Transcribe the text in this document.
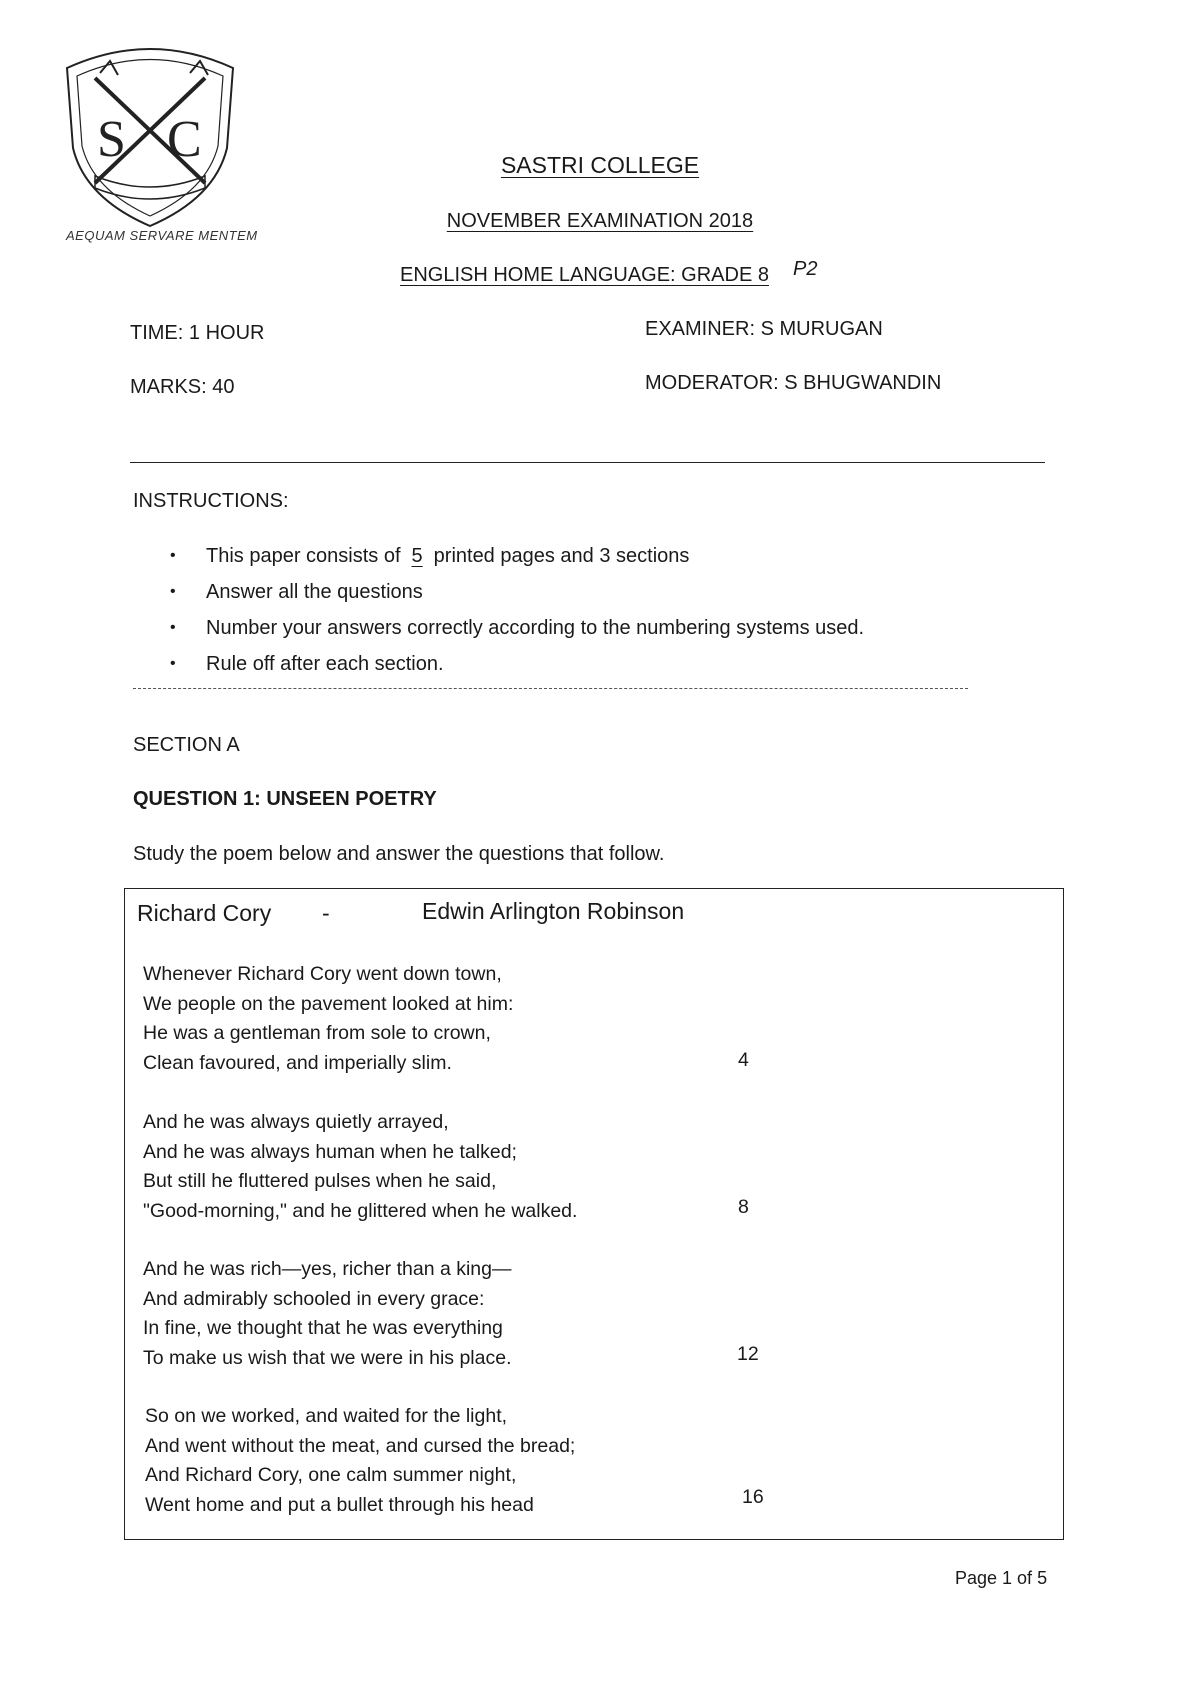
S C
AEQUAM SERVARE MENTEM
SASTRI COLLEGE
NOVEMBER EXAMINATION 2018
ENGLISH HOME LANGUAGE: GRADE 8 P2
TIME: 1 HOUR
MARKS: 40
EXAMINER: S MURUGAN
MODERATOR: S BHUGWANDIN
INSTRUCTIONS:
• This paper consists of 5 printed pages and 3 sections
• Answer all the questions
• Number your answers correctly according to the numbering systems used.
• Rule off after each section.
SECTION A
QUESTION 1: UNSEEN POETRY
Study the poem below and answer the questions that follow.
Richard Cory -	Edwin Arlington Robinson
Whenever Richard Cory went down town,
We people on the pavement looked at him:
He was a gentleman from sole to crown,
Clean favoured, and imperially slim.	4
And he was always quietly arrayed,
And he was always human when he talked;
But still he fluttered pulses when he said,
"Good-morning," and he glittered when he walked.	8
And he was rich—yes, richer than a king—
And admirably schooled in every grace:
In fine, we thought that he was everything
To make us wish that we were in his place.	12
So on we worked, and waited for the light,
And went without the meat, and cursed the bread;
And Richard Cory, one calm summer night,
Went home and put a bullet through his head	16
Page 1 of 5
